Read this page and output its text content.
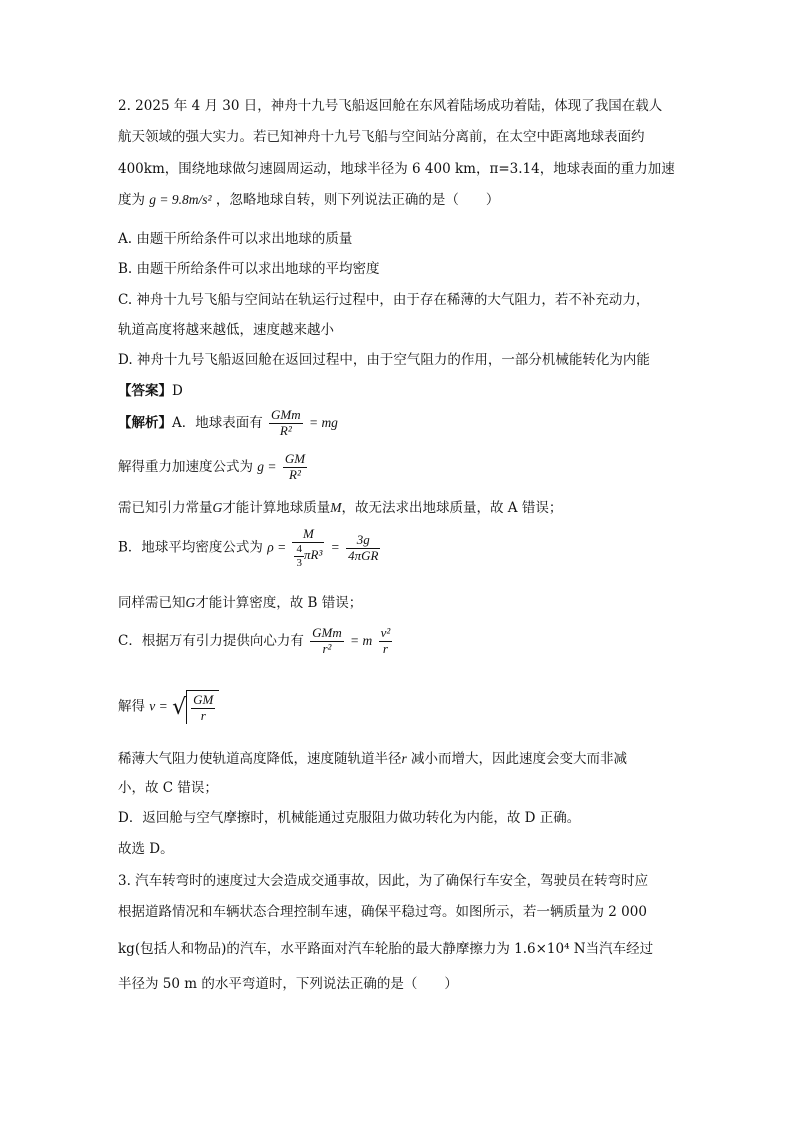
2. 2025 年 4 月 30 日，神舟十九号飞船返回舱在东风着陆场成功着陆，体现了我国在载人
航天领域的强大实力。若已知神舟十九号飞船与空间站分离前，在太空中距离地球表面约
400km，围绕地球做匀速圆周运动，地球半径为 6 400 km，π=3.14，地球表面的重力加速
度为 g = 9.8m/s² ，忽略地球自转，则下列说法正确的是（　　）
A. 由题干所给条件可以求出地球的质量
B. 由题干所给条件可以求出地球的平均密度
C. 神舟十九号飞船与空间站在轨运行过程中，由于存在稀薄的大气阻力，若不补充动力，
轨道高度将越来越低，速度越来越小
D. 神舟十九号飞船返回舱在返回过程中，由于空气阻力的作用，一部分机械能转化为内能
【答案】D
【解析】A．地球表面有 $\frac{\text{GMm}}{\text{R²}}$ = mg
解得重力加速度公式为 $g = \frac{GM}{\text{R²}}$
需已知引力常量G才能计算地球质量M，故无法求出地球质量，故 A 错误；
B．地球平均密度公式为 $\rho = \frac{M}{\frac{4}{3} \pi R^3} = \frac{3g}{\text{4πGR}}$
同样需已知G才能计算密度，故 B 错误；
C．根据万有引力提供向心力有 $\frac{\text{GMm}}{\text{r²}} = m \frac{\text{v²}}{r}$
解得 v = √ $\frac{GM}{r}$
稀薄大气阻力使轨道高度降低，速度随轨道半径r 减小而增大，因此速度会变大而非减
小，故 C 错误；
D．返回舱与空气摩擦时，机械能通过克服阻力做功转化为内能，故 D 正确。
故选 D。
3. 汽车转弯时的速度过大会造成交通事故，因此，为了确保行车安全，驾驶员在转弯时应
根据道路情况和车辆状态合理控制车速，确保平稳过弯。如图所示，若一辆质量为 2 000
kg(包括人和物品)的汽车，水平路面对汽车轮胎的最大静摩擦力为 1.6×10⁴ N当汽车经过
半径为 50 m 的水平弯道时，下列说法正确的是（　　）
